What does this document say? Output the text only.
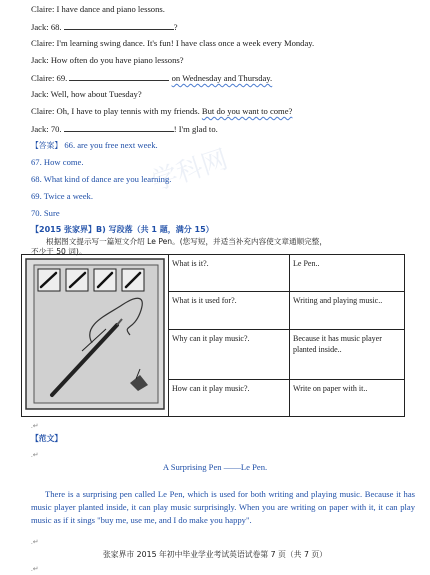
学科网
Claire: I have dance and piano lessons.
Jack: 68.	?
Claire: I'm learning swing dance. It's fun! I have class once a week every Monday.
Jack: How often do you have piano lessons?
Claire: 69.	on Wednesday and Thursday.
Jack: Well, how about Tuesday?
Claire: Oh, I have to play tennis with my friends. But do you want to come?
Jack: 70.	! I'm glad to.
【答案】 66. are you free next week.
67. How come.
68. What kind of dance are you learning.
69. Twice a week.
70. Sure
【2015 张家界】B) 写段落（共 1 题，满分 15）
根据图文提示写一篇短文介绍 Le Pen。(您写短，并适当补充内容使文章通顺完整，
不少于 50 词)。
	What is it?.	Le Pen..
	What is it used for?.	Writing and playing music..
	Why can it play music?.	Because it has music player planted inside..
	How can it play music?.	Write on paper with it..
.↵
【范文】
.↵
A Surprising Pen ——Le Pen.
There is a surprising pen called Le Pen, which is used for both writing and playing music. Because it has music player planted inside, it can play music surprisingly. When you are writing on paper with it, it can play music as if it sings "buy me, use me, and I do make you happy".
.↵
张家界市 2015 年初中毕业学业考试英语试卷第 7 页（共 7 页）
.↵
